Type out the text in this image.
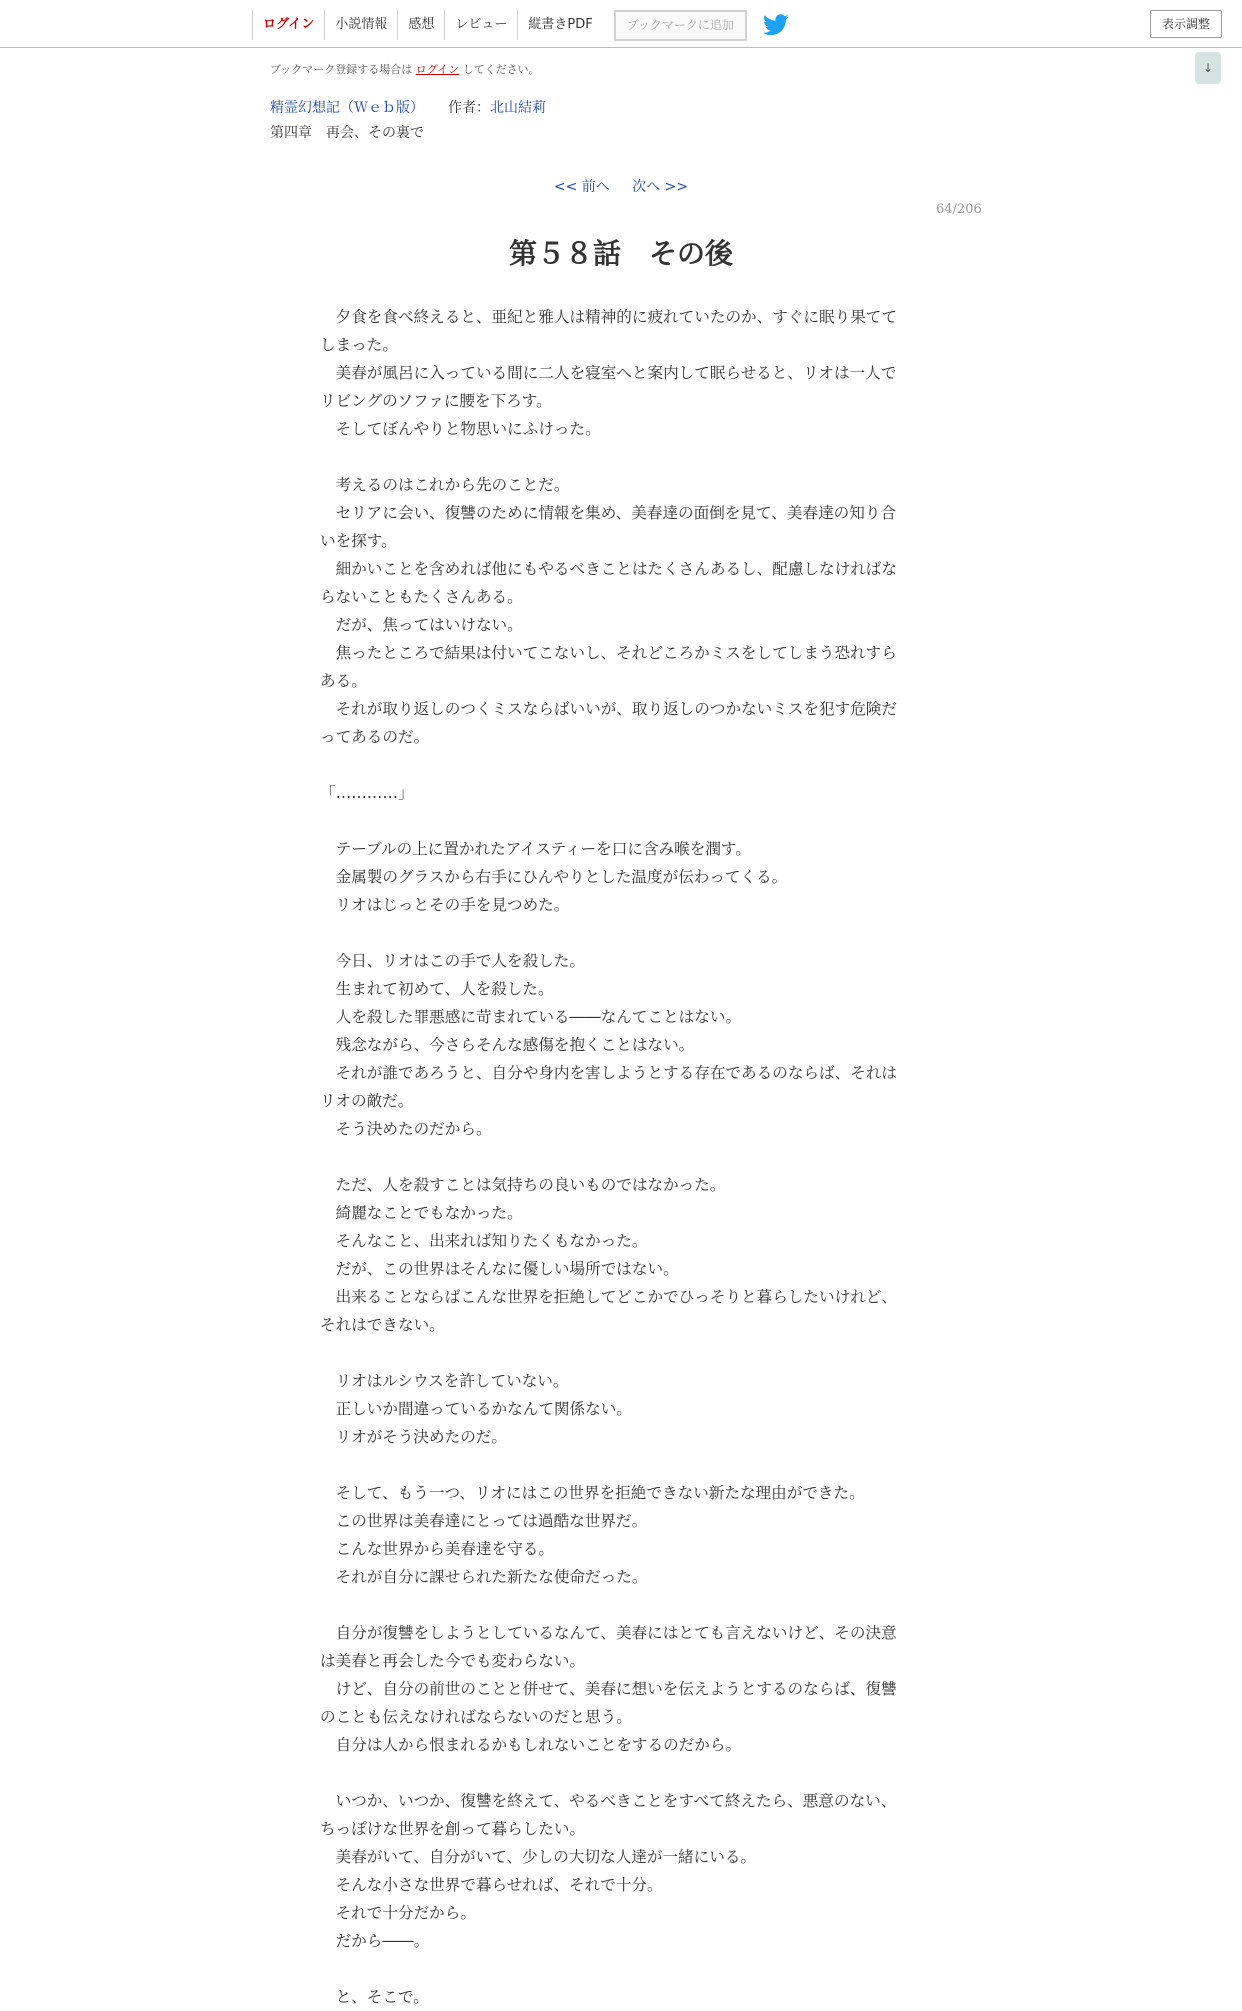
ログイン	小説情報	感想	レビュー	縦書きPDF	ブックマークに追加	表示調整
↓
ブックマーク登録する場合は ログイン してください。
精霊幻想記（Ｗｅｂ版） 作者：北山結莉
第四章　再会、その裏で
<< 前へ 次へ >>
64/206
第５８話　その後
　夕食を食べ終えると、亜紀と雅人は精神的に疲れていたのか、すぐに眠り果てて
しまった。
　美春が風呂に入っている間に二人を寝室へと案内して眠らせると、リオは一人で
リビングのソファに腰を下ろす。
　そしてぼんやりと物思いにふけった。
　考えるのはこれから先のことだ。
　セリアに会い、復讐のために情報を集め、美春達の面倒を見て、美春達の知り合
いを探す。
　細かいことを含めれば他にもやるべきことはたくさんあるし、配慮しなければな
らないこともたくさんある。
　だが、焦ってはいけない。
　焦ったところで結果は付いてこないし、それどころかミスをしてしまう恐れすら
ある。
　それが取り返しのつくミスならばいいが、取り返しのつかないミスを犯す危険だ
ってあるのだ。
「…………」
　テーブルの上に置かれたアイスティーを口に含み喉を潤す。
　金属製のグラスから右手にひんやりとした温度が伝わってくる。
　リオはじっとその手を見つめた。
　今日、リオはこの手で人を殺した。
　生まれて初めて、人を殺した。
　人を殺した罪悪感に苛まれている――なんてことはない。
　残念ながら、今さらそんな感傷を抱くことはない。
　それが誰であろうと、自分や身内を害しようとする存在であるのならば、それは
リオの敵だ。
　そう決めたのだから。
　ただ、人を殺すことは気持ちの良いものではなかった。
　綺麗なことでもなかった。
　そんなこと、出来れば知りたくもなかった。
　だが、この世界はそんなに優しい場所ではない。
　出来ることならばこんな世界を拒絶してどこかでひっそりと暮らしたいけれど、
それはできない。
　リオはルシウスを許していない。
　正しいか間違っているかなんて関係ない。
　リオがそう決めたのだ。
　そして、もう一つ、リオにはこの世界を拒絶できない新たな理由ができた。
　この世界は美春達にとっては過酷な世界だ。
　こんな世界から美春達を守る。
　それが自分に課せられた新たな使命だった。
　自分が復讐をしようとしているなんて、美春にはとても言えないけど、その決意
は美春と再会した今でも変わらない。
　けど、自分の前世のことと併せて、美春に想いを伝えようとするのならば、復讐
のことも伝えなければならないのだと思う。
　自分は人から恨まれるかもしれないことをするのだから。
　いつか、いつか、復讐を終えて、やるべきことをすべて終えたら、悪意のない、
ちっぽけな世界を創って暮らしたい。
　美春がいて、自分がいて、少しの大切な人達が一緒にいる。
　そんな小さな世界で暮らせれば、それで十分。
　それで十分だから。
　だから――。
　と、そこで。
